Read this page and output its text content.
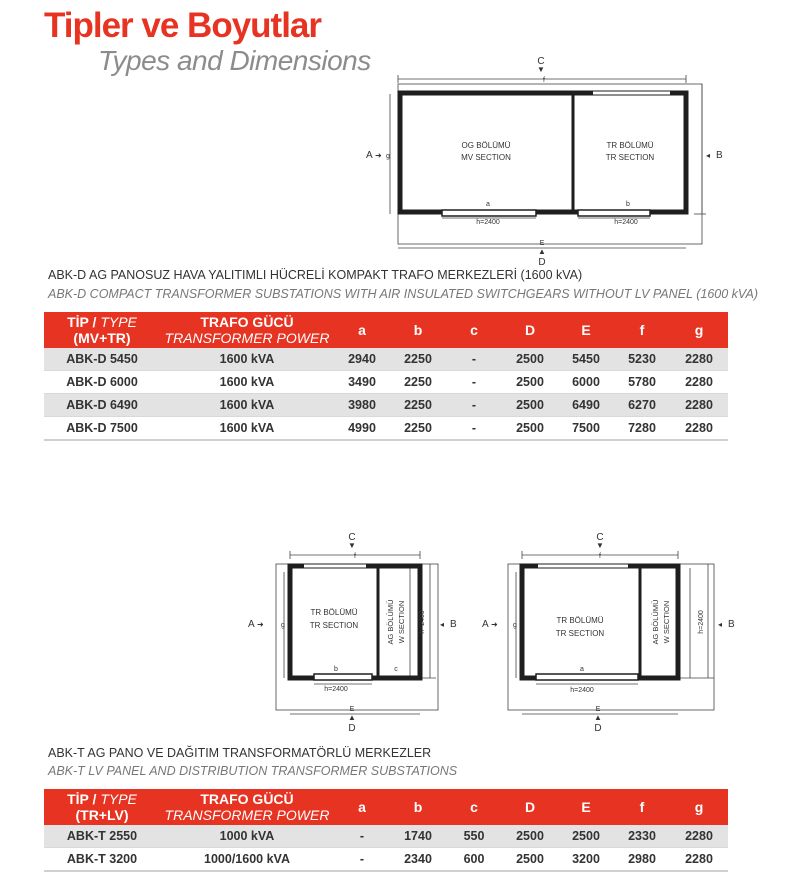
Tipler ve Boyutlar
Types and Dimensions	C
▼
f
A ➜ g	◂ B
OG BÖLÜMÜ
MV SECTION
TR BÖLÜMÜ
TR SECTION
a	b
h=2400	h=2400
E
▲
D
ABK-D AG PANOSUZ HAVA YALITIMLI HÜCRELİ KOMPAKT TRAFO MERKEZLERİ (1600 kVA)
ABK-D COMPACT TRANSFORMER SUBSTATIONS WITH AIR INSULATED SWITCHGEARS WITHOUT LV PANEL (1600 kVA)
TİP / TYPE
(MV+TR)	TRAFO GÜCÜ
TRANSFORMER POWER	a	b	c	D	E	f	g
ABK-D 5450	1600 kVA	2940	2250	-	2500	5450	5230	2280
ABK-D 6000	1600 kVA	3490	2250	-	2500	6000	5780	2280
ABK-D 6490	1600 kVA	3980	2250	-	2500	6490	6270	2280
ABK-D 7500	1600 kVA	4990	2250	-	2500	7500	7280	2280
C
▼
f
A ➜ g	◂ B
TR BÖLÜMÜ
TR SECTION	AG BÖLÜMÜ W SECTION h=2400
b	c
h=2400
E
▲
D
C
▼
f
A ➜ g	◂ B
TR BÖLÜMÜ
TR SECTION	AG BÖLÜMÜ W SECTION	h=2400
a
h=2400
E
▲
D
ABK-T AG PANO VE DAĞITIM TRANSFORMATÖRLÜ MERKEZLER
ABK-T LV PANEL AND DISTRIBUTION TRANSFORMER SUBSTATIONS
TİP / TYPE
(TR+LV)	TRAFO GÜCÜ
TRANSFORMER POWER	a	b	c	D	E	f	g
ABK-T 2550	1000 kVA	-	1740	550	2500	2500	2330	2280
ABK-T 3200	1000/1600 kVA	-	2340	600	2500	3200	2980	2280
